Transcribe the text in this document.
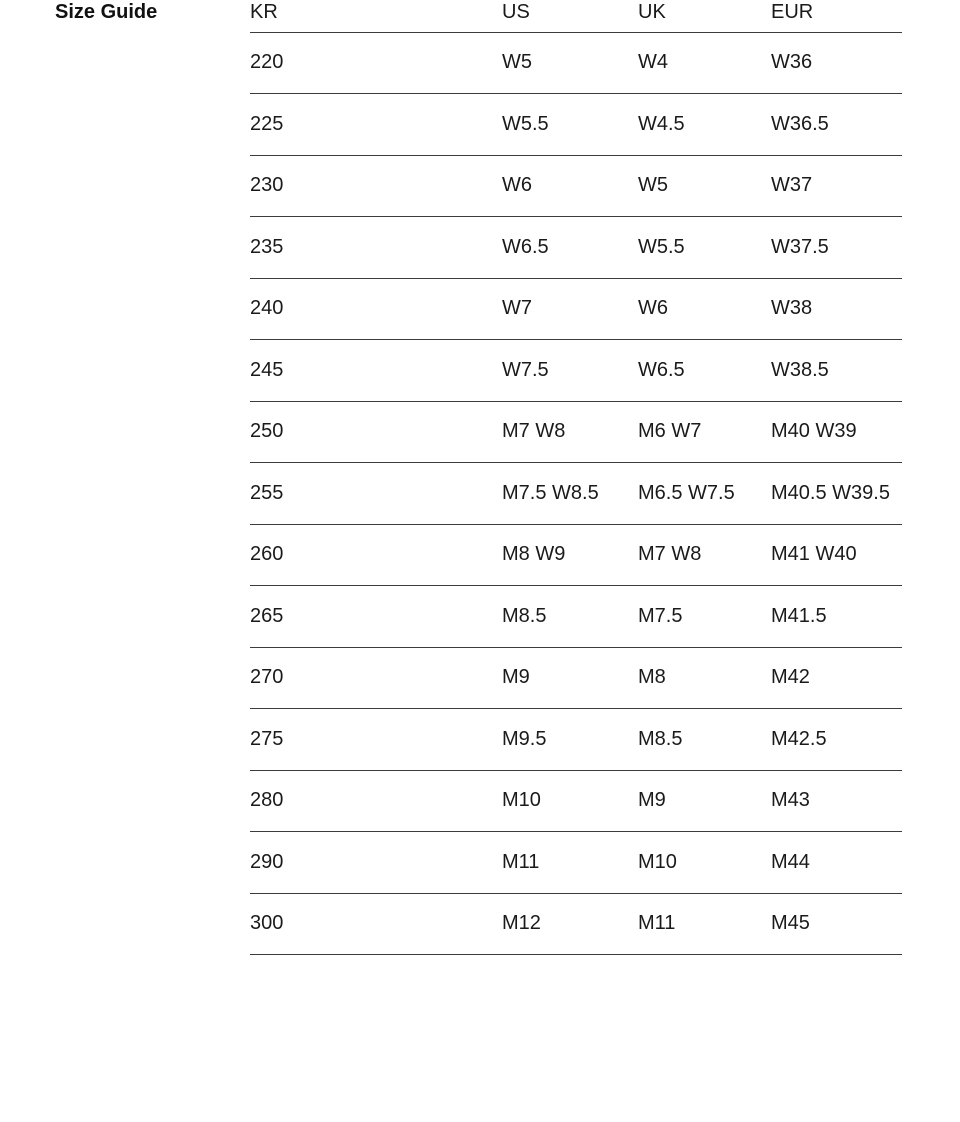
Size Guide	KR	US	UK	EUR
220	W5	W4	W36
225	W5.5	W4.5	W36.5
230	W6	W5	W37
235	W6.5	W5.5	W37.5
240	W7	W6	W38
245	W7.5	W6.5	W38.5
250	M7 W8	M6 W7	M40 W39
255	M7.5 W8.5	M6.5 W7.5	M40.5 W39.5
260	M8 W9	M7 W8	M41 W40
265	M8.5	M7.5	M41.5
270	M9	M8	M42
275	M9.5	M8.5	M42.5
280	M10	M9	M43
290	M11	M10	M44
300	M12	M11	M45
